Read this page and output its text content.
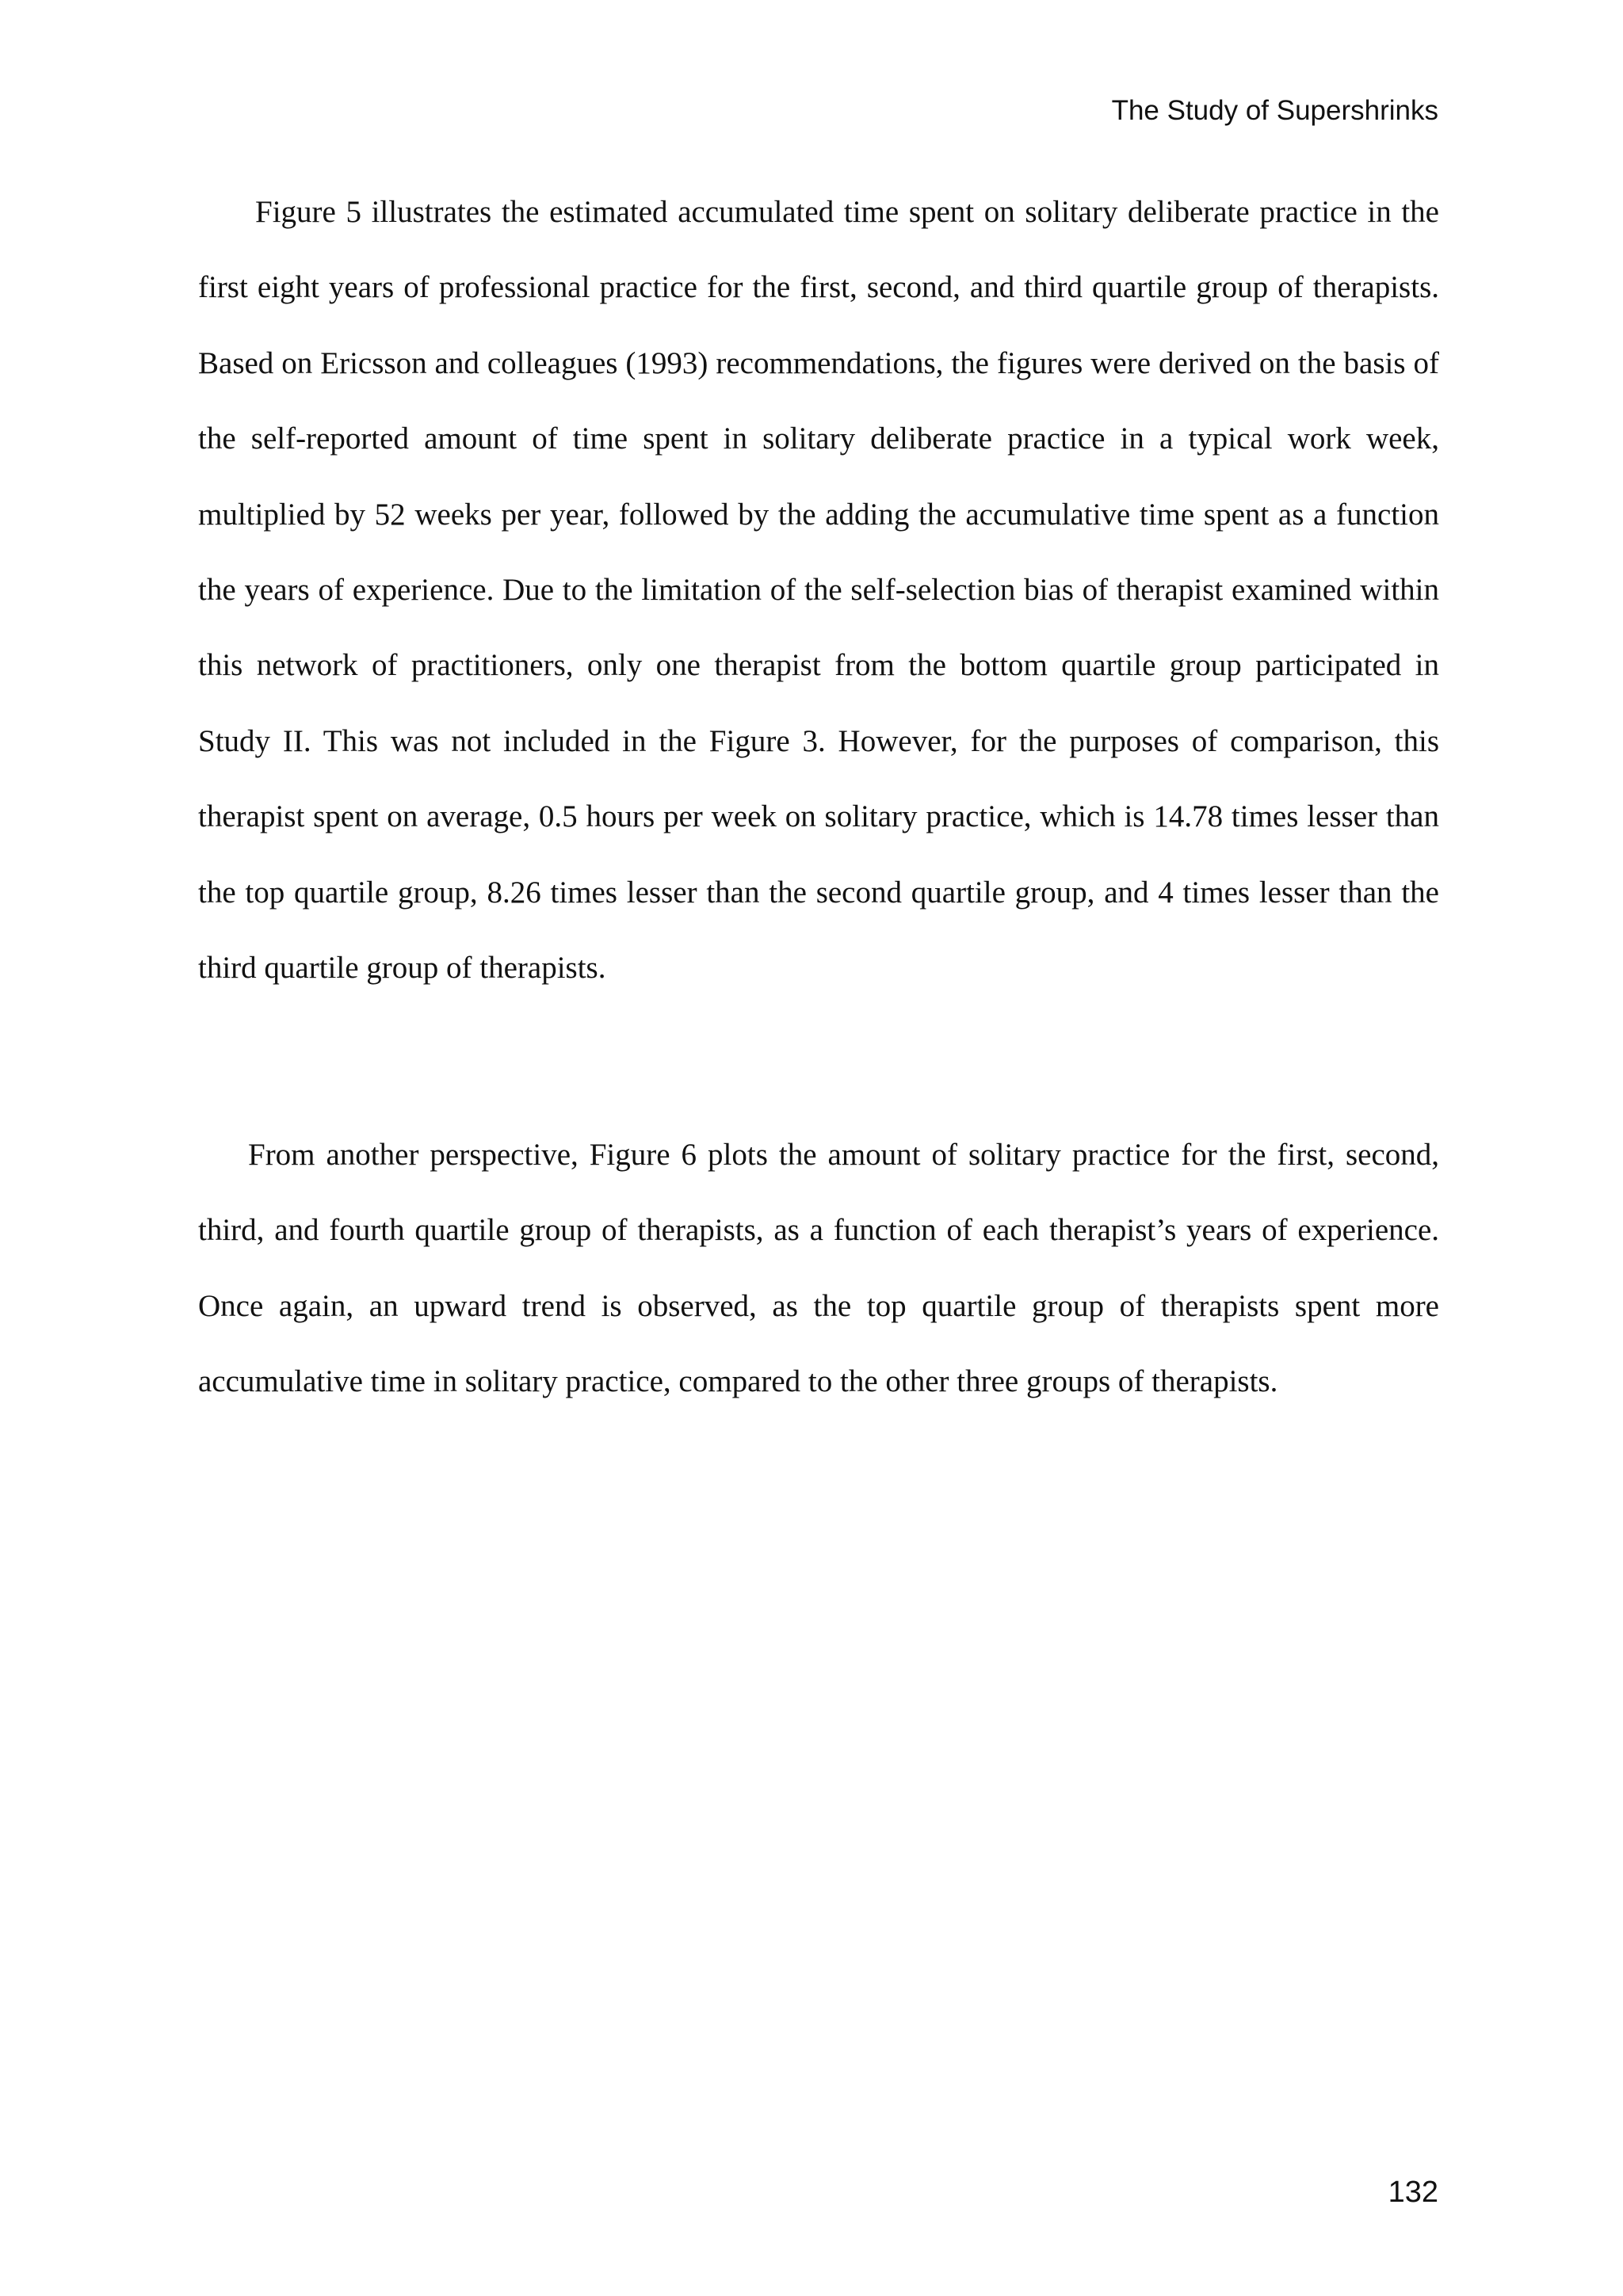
The Study of Supershrinks

Figure 5 illustrates the estimated accumulated time spent on solitary deliberate practice in the first eight years of professional practice for the first, second, and third quartile group of therapists. Based on Ericsson and colleagues (1993) recommendations, the figures were derived on the basis of the self-reported amount of time spent in solitary deliberate practice in a typical work week, multiplied by 52 weeks per year, followed by the adding the accumulative time spent as a function the years of experience. Due to the limitation of the self-selection bias of therapist examined within this network of practitioners, only one therapist from the bottom quartile group participated in Study II. This was not included in the Figure 3. However, for the purposes of comparison, this therapist spent on average, 0.5 hours per week on solitary practice, which is 14.78 times lesser than the top quartile group, 8.26 times lesser than the second quartile group, and 4 times lesser than the third quartile group of therapists.

From another perspective, Figure 6 plots the amount of solitary practice for the first, second, third, and fourth quartile group of therapists, as a function of each therapist’s years of experience. Once again, an upward trend is observed, as the top quartile group of therapists spent more accumulative time in solitary practice, compared to the other three groups of therapists.

132
